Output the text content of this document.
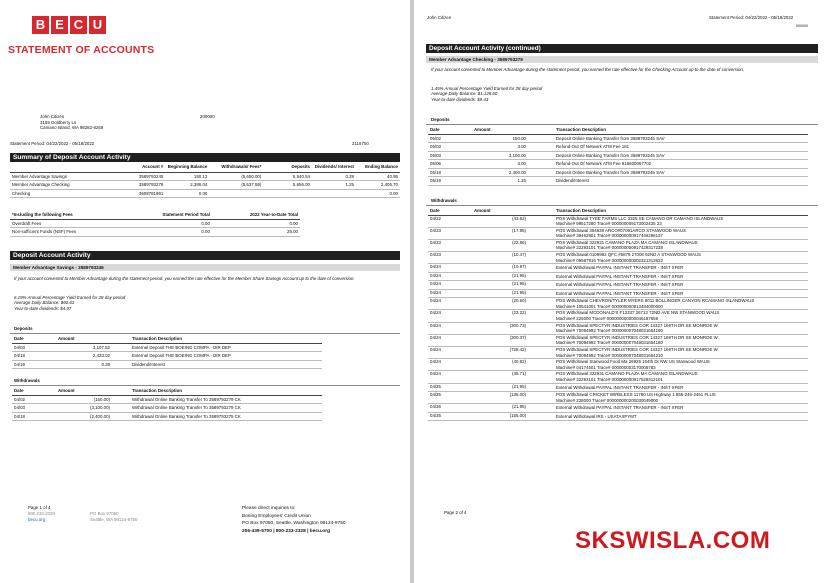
B E C U
STATEMENT OF ACCOUNTS
John Citizen
3169 Goldberry Ln
Camano Island, WA 98282-8269
200000
Statement Period: 04/22/2022 - 05/18/2022	2116700
Summary of Deposit Account Activity
	Account #	Beginning Balance	Withdrawals/ Fees*	Deposits	Dividends/ Interest	Ending Balance
Member Advantage Savings	3589793245	150.13	(5,650.00)	5,540.54	0.28	40.95
Member Advantage Checking	3589793279	2,386.04	(5,637.59)	5,656.00	1.25	2,405.70
Checking	3608781991	0.00				0.00
*Including the following Fees	Statement Period Total	2022 Year-to-Date Total
Overdraft Fees	0.00	0.00
Non-sufficient Funds (NSF) Fees	0.00	25.00
Deposit Account Activity
Member Advantage Savings - 3589793245
If your account converted to Member Advantage during the statement period, you earned the rate effective for the Member Share Savings Account up to the date of conversion.
6.19% Annual Percentage Yield Earned for 28 day period
Average Daily Balance: $60.63
Year-to-date dividends: $4.97
Deposits
Date	Amount	Transaction Description
04/03	3,107.52	External Deposit THE BOEING COMPA - DIR DEP
04/18	2,433.02	External Deposit THE BOEING COMPA - DIR DEP
04/19	0.28	Dividend/Interest
Withdrawals
Date	Amount	Transaction Description
04/02	(150.00)	Withdrawal Online Banking Transfer To 3589793279 CK
04/03	(3,100.00)	Withdrawal Online Banking Transfer To 3589793279 CK
04/18	(2,400.00)	Withdrawal Online Banking Transfer To 3589793279 CK
Page 1 of 4
800.233.2328
becu.org
PO Box 97050
Seattle, WA 98124-9750
Please direct inquiries to:
Boeing Employees' Credit Union
PO Box 97050, Seattle, Washington 98124-9750
206-439-5700 | 800-233-2328 | becu.org
John Citizen	Statement Period: 04/22/2022 - 05/18/2022
000000
Deposit Account Activity (continued)
Member Advantage Checking - 3589793279
If your account converted to Member Advantage during the statement period, you earned the rate effective for the Checking Account up to the date of conversion.
1.45% Annual Percentage Yield Earned for 28 day period
Average Daily Balance: $1,128.60
Year-to-date dividends: $9.43
Deposits
Date	Amount	Transaction Description
05/02	150.00	Deposit Online Banking Transfer from 3589793245 SAV
05/03	3.00	Refund-Out Of Network ATM Fee 181
05/03	3,100.00	Deposit Online Banking Transfer from 3589793245 SAV
05/06	3.00	Refund-Out Of Network ATM Fee 918600067702
05/18	2,400.00	Deposit Online Banking Transfer from 3589793245 SAV
05/19	1.25	Dividend/Interest
Withdrawals
Date	Amount	Transaction Description
04/22	(43.62)	POS Withdrawal TYEE FARMS LLC 3325 SE CAMANO DR CAMANO ISLANDWAUS
Machine# 99517280 Trace# 000000009173002425 23

04/23	(17.95)	POS Withdrawal 394629 ARCO#07091ARCO STANWOOD WAUS
Machine# 39462901 Trace# 000000000917446296137

04/23	(22.86)	POS Withdrawal 322931 CAMANO PLAZA MA CAMANO ISLANDWAUS
Machine# 32293101 Trace# 000000000917429317238

04/23	(10.47)	POS Withdrawal 0109982 QFC #5879 27008 92ND A STANWOOD WAUS
Machine# 09587916 Trace# 000000000002321313632

04/24	(10.97)	External Withdrawal PAYPAL INSTANT TRANSFER - INST XFER

04/24	(21.95)	External Withdrawal PAYPAL INSTANT TRANSFER - INST XFER

04/24	(21.95)	External Withdrawal PAYPAL INSTANT TRANSFER - INST XFER

04/24	(21.95)	External Withdrawal PAYPAL INSTANT TRANSFER - INST XFER

04/24	(20.60)	POS Withdrawal CHEVRON/TYLER MYERS 8011 BOLLINGER CANYON RCAMANO ISLANDWAUS
Machine# 10541001 Trace# 000000000813484000000

04/24	(23.22)	POS Withdrawal MCDONALD'S F13337 26713 72ND AVE NW STANWOOD WAUS
Machine# 225000 Trace# 000000000000046187659

04/24	(300.73)	POS Withdrawal SPECTYR INDUSTRIES COR 14327 169TH DR SE MONROE W
Machine# 70094992 Trace# 000000007048031654190

04/24	(300.37)	POS Withdrawal SPECTYR INDUSTRIES COR 14327 169TH DR SE MONROE W
Machine# 70094992 Trace# 000000007048031654180

04/24	(728.42)	POS Withdrawal SPECTYR INDUSTRIES COR 14327 169TH DR SE MONROE W
Machine# 70094992 Trace# 000000007048031654210

04/24	(40.82)	POS Withdrawal Stanwood Food Ma 26925 104th Dr NW US Stanwood WAUS
Machine# 04174501 Trace# 000000003170005783

04/24	(45.71)	POS Withdrawal 322931 CAMANO PLAZA MA CAMANO ISLANDWAUS
Machine# 32293101 Trace# 000000000917529312101

04/25	(21.95)	External Withdrawal PAYPAL INSTANT TRANSFER - INST XFER

04/25	(135.00)	POS Withdrawal CRICKET WIRELESS 11780 US Highway 1 855-246-2461 FLUS
Machine# 228000 Trace# 000000000200030049000

04/26	(21.95)	External Withdrawal PAYPAL INSTANT TRANSFER - INST XFER

04/26	(155.00)	External Withdrawal IRS - USATAXPYMT
Page 2 of 4
SKSWISLA.COM
